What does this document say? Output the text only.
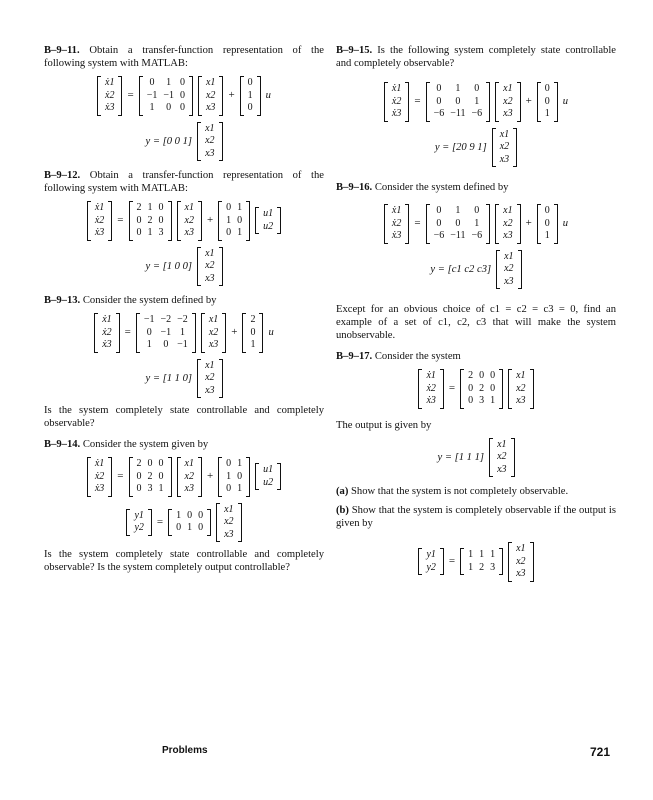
B–9–11. Obtain a transfer-function representation of the following system with MATLAB:

ẋ1
ẋ2
ẋ3
=
0	1 0
−1 −1 0
1	0 0
x1
x2
x3
+
0
1
0
u
y = [0 0 1]
x1
x2
x3

B–9–12. Obtain a transfer-function representation of the following system with MATLAB:

ẋ1
ẋ2
ẋ3
=
2 1 0
0 2 0
0 1 3
x1
x2
x3
+
0 1
1 0
0 1
u1
u2
y = [1 0 0]
x1
x2
x3

B–9–13. Consider the system defined by

ẋ1
ẋ2
ẋ3
=
−1 −2 −2
0 −1 1
1	0 −1
x1
x2
x3
+
2
0
1
u
y = [1 1 0]
x1
x2
x3

Is the system completely state controllable and completely observable?

B–9–14. Consider the system given by

ẋ1
ẋ2
ẋ3
=
2 0 0
0 2 0
0 3 1
x1
x2
x3
+
0 1
1 0
0 1
u1
u2
y1
y2 =
1 0 0
0 1 0
x1
x2
x3

Is the system completely state controllable and completely observable? Is the system completely output controllable?

B–9–15. Is the following system completely state controllable and completely observable?

ẋ1
ẋ2
ẋ3
=
0	1	0
0	0	1
−6 −11 −6
x1
x2
x3
+
0
0
1
u
y = [20 9 1]
x1
x2
x3

B–9–16. Consider the system defined by

ẋ1
ẋ2
ẋ3
=
0	1	0
0	0	1
−6 −11 −6
x1
x2
x3
+
0
0
1
u
y = [c1 c2 c3]
x1
x2
x3

Except for an obvious choice of c1 = c2 = c3 = 0, find an example of a set of c1, c2, c3 that will make the system unobservable.

B–9–17. Consider the system

ẋ1
ẋ2
ẋ3
=
2 0 0
0 2 0
0 3 1
x1
x2
x3

The output is given by

y = [1 1 1]
x1
x2
x3

(a) Show that the system is not completely observable.

(b) Show that the system is completely observable if the output is given by

y1
y2 =
1 1 1
1 2 3
x1
x2
x3
Problems	721
